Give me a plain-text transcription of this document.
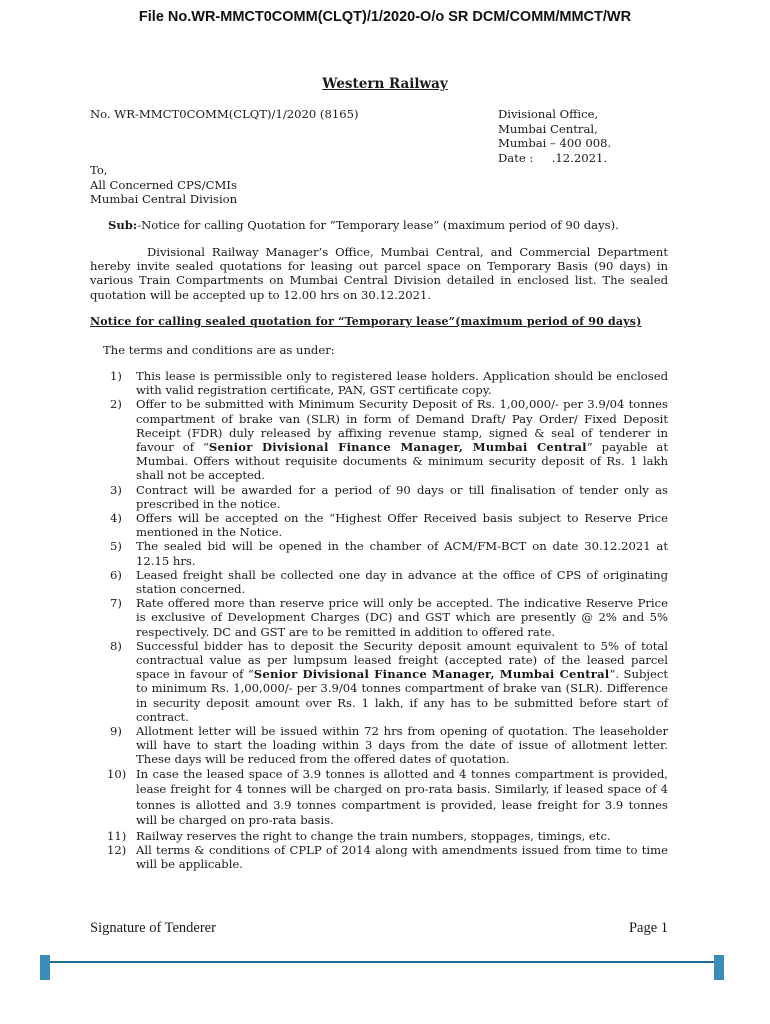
File No.WR-MMCT0COMM(CLQT)/1/2020-O/o SR DCM/COMM/MMCT/WR
Western Railway
No. WR-MMCT0COMM(CLQT)/1/2020 (8165)	Divisional Office,
Mumbai Central,
Mumbai – 400 008.
Date :     .12.2021.
To,
All Concerned CPS/CMIs
Mumbai Central Division
Sub:-Notice for calling Quotation for “Temporary lease” (maximum period of 90 days).
Divisional Railway Manager’s Office, Mumbai Central, and Commercial Department hereby invite sealed quotations for leasing out parcel space on Temporary Basis (90 days) in various Train Compartments on Mumbai Central Division detailed in enclosed list. The sealed quotation will be accepted up to 12.00 hrs on 30.12.2021.
Notice for calling sealed quotation for “Temporary lease”(maximum period of 90 days)
The terms and conditions are as under:
1) This lease is permissible only to registered lease holders. Application should be enclosed with valid registration certificate, PAN, GST certificate copy.
2) Offer to be submitted with Minimum Security Deposit of Rs. 1,00,000/- per 3.9/04 tonnes compartment of brake van (SLR) in form of Demand Draft/ Pay Order/ Fixed Deposit Receipt (FDR) duly released by affixing revenue stamp, signed & seal of tenderer in favour of “Senior Divisional Finance Manager, Mumbai Central” payable at Mumbai. Offers without requisite documents & minimum security deposit of Rs. 1 lakh shall not be accepted.
3) Contract will be awarded for a period of 90 days or till finalisation of tender only as prescribed in the notice.
4) Offers will be accepted on the “Highest Offer Received basis subject to Reserve Price mentioned in the Notice.
5) The sealed bid will be opened in the chamber of ACM/FM-BCT on date 30.12.2021 at 12.15 hrs.
6) Leased freight shall be collected one day in advance at the office of CPS of originating station concerned.
7) Rate offered more than reserve price will only be accepted. The indicative Reserve Price is exclusive of Development Charges (DC) and GST which are presently @ 2% and 5% respectively. DC and GST are to be remitted in addition to offered rate.
8) Successful bidder has to deposit the Security deposit amount equivalent to 5% of total contractual value as per lumpsum leased freight (accepted rate) of the leased parcel space in favour of “Senior Divisional Finance Manager, Mumbai Central”. Subject to minimum Rs. 1,00,000/- per 3.9/04 tonnes compartment of brake van (SLR). Difference in security deposit amount over Rs. 1 lakh, if any has to be submitted before start of contract.
9) Allotment letter will be issued within 72 hrs from opening of quotation. The leaseholder will have to start the loading within 3 days from the date of issue of allotment letter. These days will be reduced from the offered dates of quotation.
10) In case the leased space of 3.9 tonnes is allotted and 4 tonnes compartment is provided, lease freight for 4 tonnes will be charged on pro-rata basis. Similarly, if leased space of 4 tonnes is allotted and 3.9 tonnes compartment is provided, lease freight for 3.9 tonnes will be charged on pro-rata basis.
11) Railway reserves the right to change the train numbers, stoppages, timings, etc.
12) All terms & conditions of CPLP of 2014 along with amendments issued from time to time will be applicable.
Signature of Tenderer	Page 1
